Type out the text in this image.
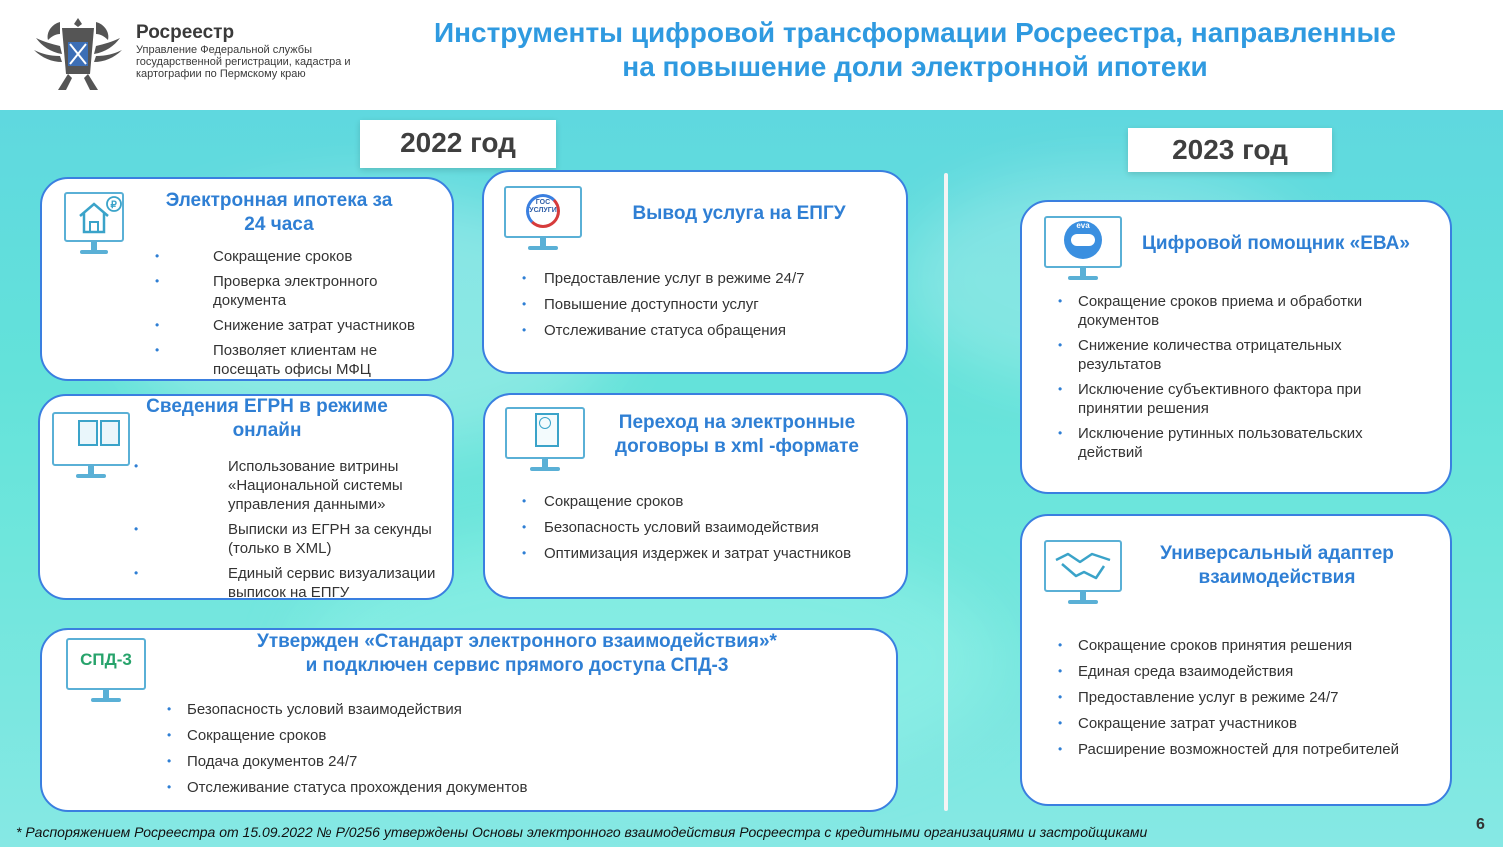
Росреестр
Управление Федеральной службы государственной регистрации, кадастра и картографии по Пермскому краю
Инструменты цифровой трансформации Росреестра, направленные
на повышение доли электронной ипотеки
2022 год	2023 год
₽	Электронная ипотека за
24 часа
•	Сокращение сроков
•	Проверка электронного документа
•	Снижение затрат участников
•	Позволяет клиентам не посещать офисы МФЦ
ГОС УСЛУГИ	Вывод услуга на ЕПГУ
• Предоставление услуг в режиме 24/7
• Повышение доступности услуг
• Отслеживание статуса обращения
Сведения ЕГРН в режиме
онлайн
•	Использование витрины «Национальной системы управления данными»
•	Выписки из ЕГРН за секунды (только в XML)
•	Единый сервис визуализации выписок на ЕПГУ
Переход на электронные
договоры в xml -формате
• Сокращение сроков
• Безопасность условий взаимодействия
• Оптимизация издержек и затрат участников
СПД-3
Утвержден «Стандарт электронного взаимодействия»*
и подключен сервис прямого доступа СПД-3
• Безопасность условий взаимодействия
• Сокращение сроков
• Подача документов 24/7
• Отслеживание статуса прохождения документов
eva
Цифровой помощник «ЕВА»
• Сокращение сроков приема и обработки документов
• Снижение количества отрицательных результатов
• Исключение субъективного фактора при принятии решения
• Исключение рутинных пользовательских действий
Универсальный адаптер
взаимодействия
• Сокращение сроков принятия решения
• Единая среда взаимодействия
• Предоставление услуг в режиме 24/7
• Сокращение затрат участников
• Расширение возможностей для потребителей
* Распоряжением Росреестра от 15.09.2022 № Р/0256 утверждены Основы электронного взаимодействия Росреестра с кредитными организациями и застройщиками	6
